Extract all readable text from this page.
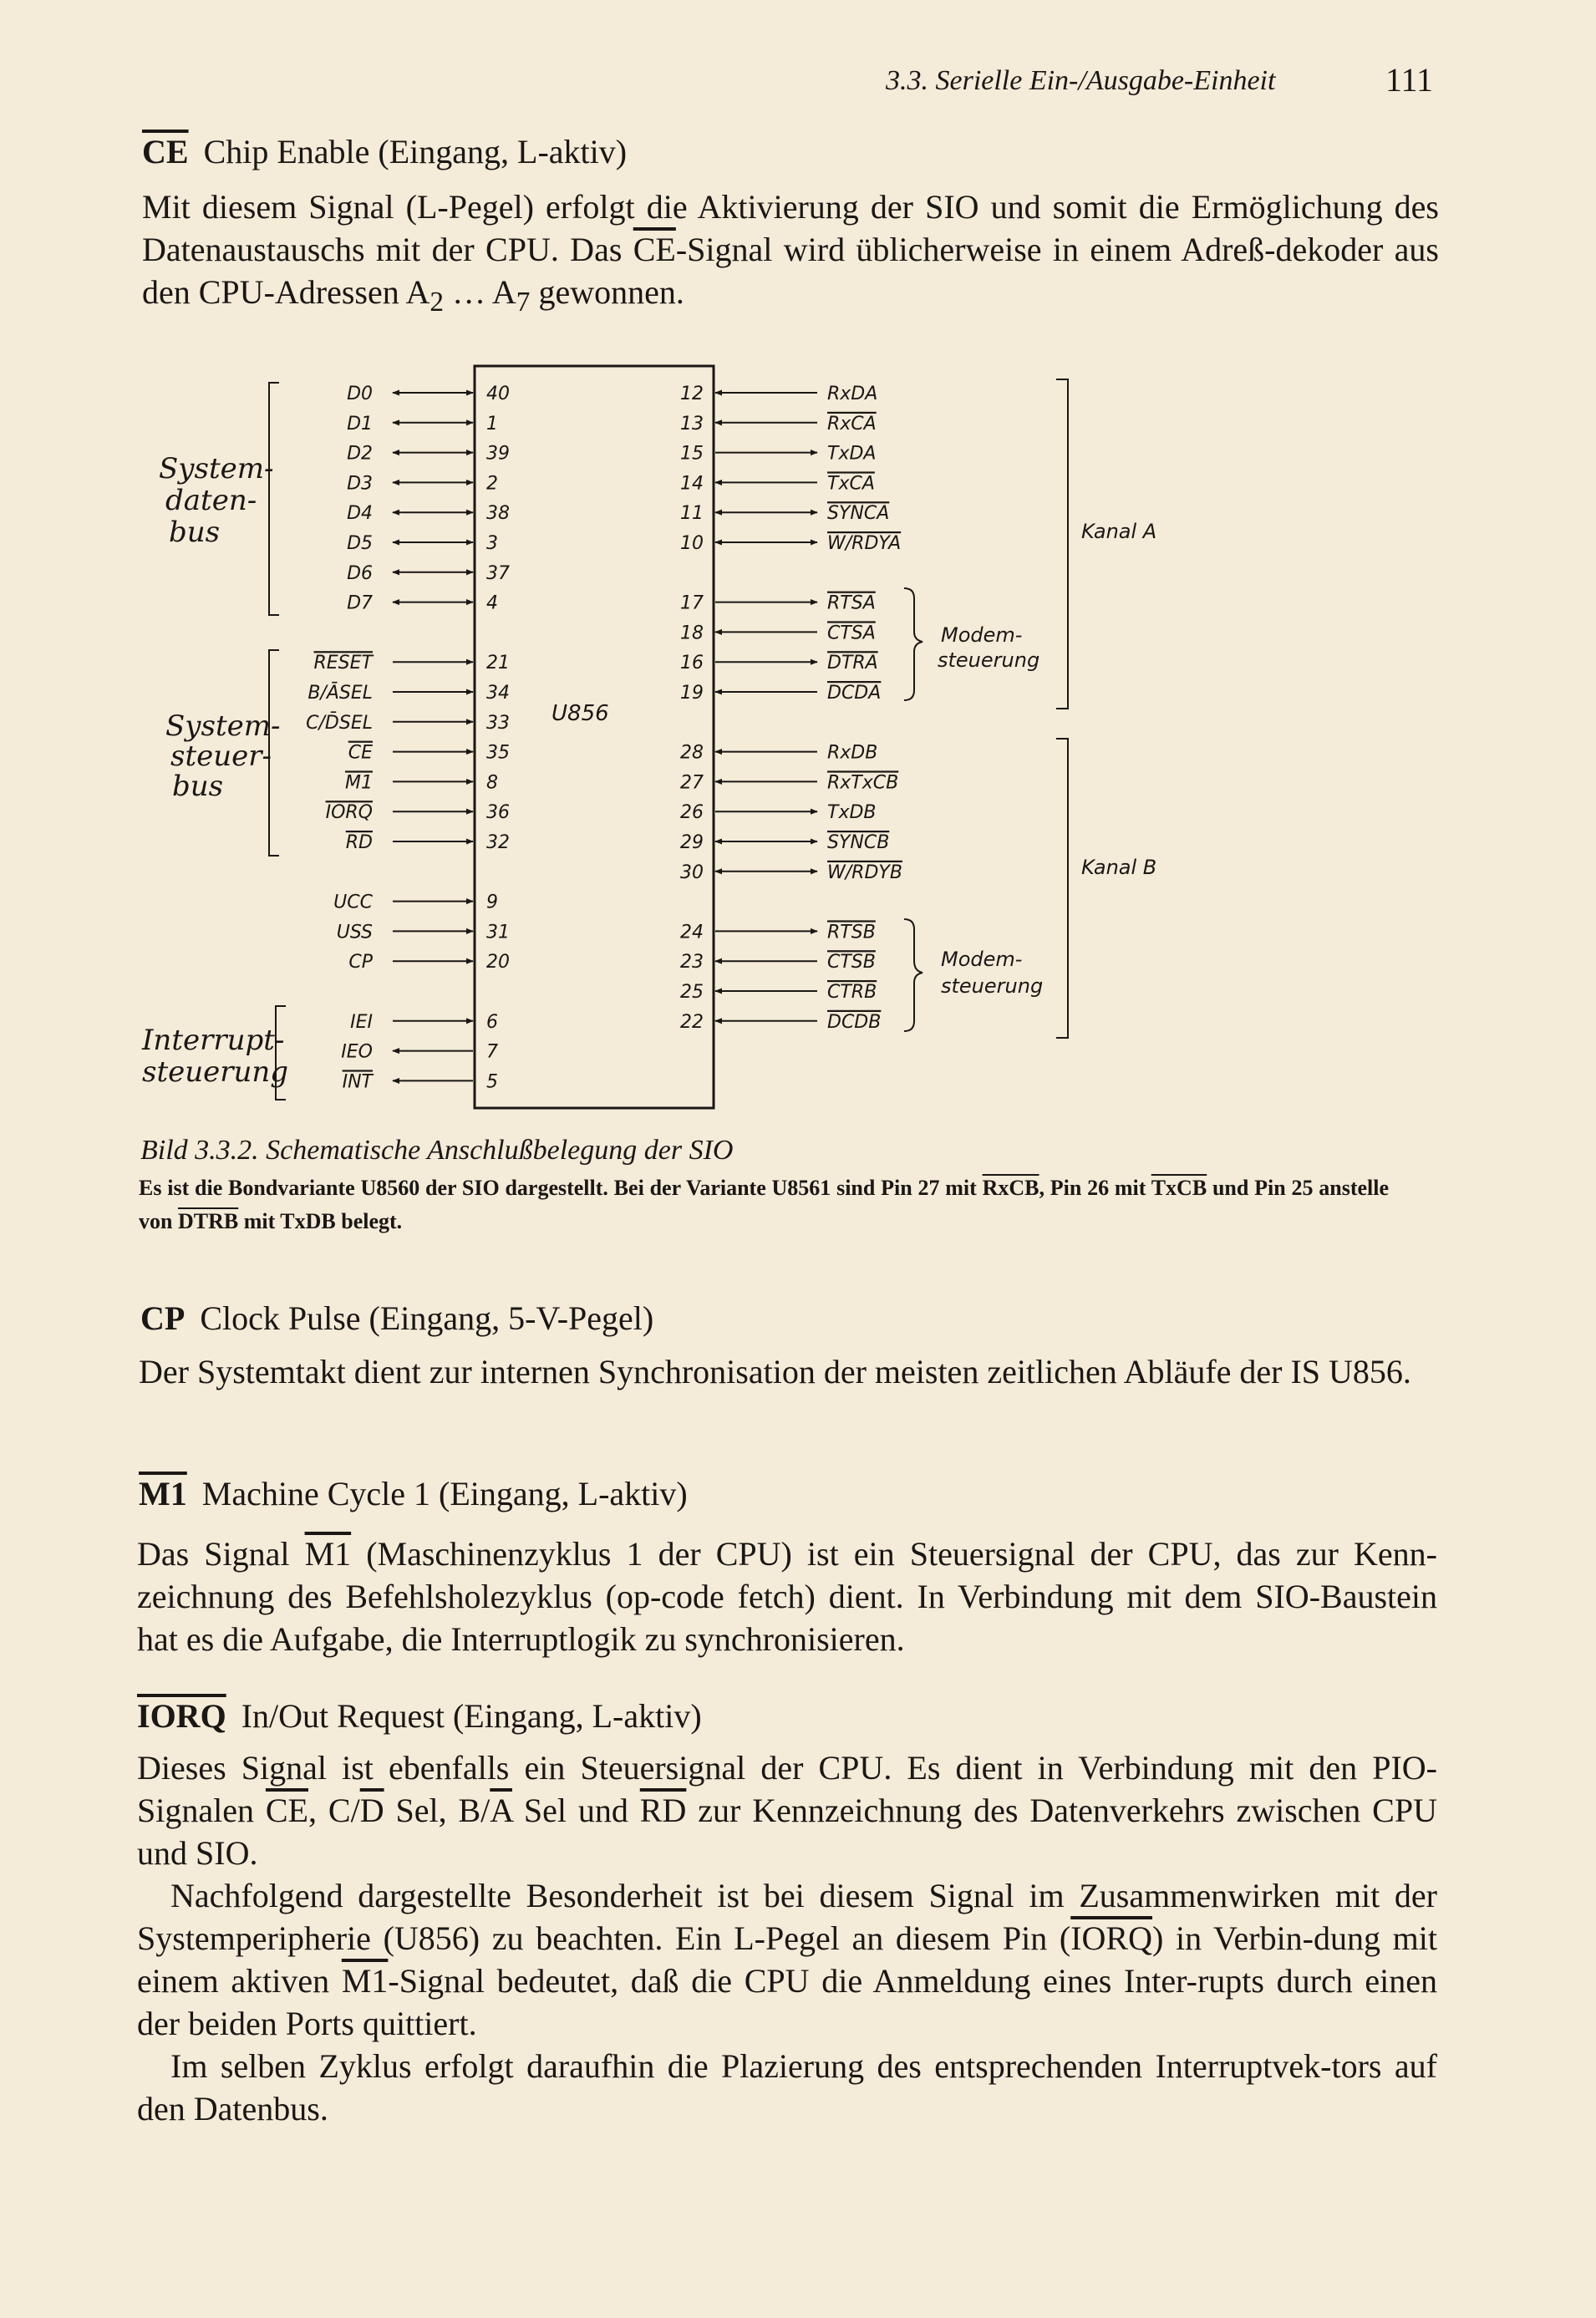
3.3. Serielle Ein-/Ausgabe-Einheit	111
$\overline{CE}$ Chip Enable (Eingang, L-aktiv)

Mit diesem Signal (L-Pegel) erfolgt die Aktivierung der SIO und somit die Ermöglichung des Datenaustauschs mit der CPU. Das $\overline{CE}$-Signal wird üblicherweise in einem Adreß-dekoder aus den CPU-Adressen $A_2$ … $A_7$ gewonnen.

U856
D0	40
D1	1
D2	39
D3	2
D4	38
D5	3
D6	37
D7	4
RESET	21
B/ĀSEL	34
C/D̄SEL	33
CE	35
M1	8
IORQ	36
RD	32
UCC	9
USS	31
CP	20
IEI	6
IEO	7
INT	5
12	RxDA
13	RxCA
15	TxDA
14	TxCA
11	SYNCA
10	W/RDYA
17	RTSA
18	CTSA
16	DTRA
19	DCDA
28	RxDB
27	RxTxCB
26	TxDB
29	SYNCB
30	W/RDYB
24	RTSB
23	CTSB
25	CTRB
22	DCDB
System-
daten-
bus
System-
steuer-
bus
Interrupt-
steuerung
Kanal A
Kanal B
Modem-
steuerung
Modem-
steuerung
Bild 3.3.2. Schematische Anschlußbelegung der SIO
Es ist die Bondvariante U8560 der SIO dargestellt. Bei der Variante U8561 sind Pin 27 mit RxCB, Pin 26 mit TxCB und Pin 25 anstelle von DTRB mit TxDB belegt.
CP Clock Pulse (Eingang, 5-V-Pegel)

Der Systemtakt dient zur internen Synchronisation der meisten zeitlichen Abläufe der IS U856.

M1 Machine Cycle 1 (Eingang, L-aktiv)

Das Signal M1 (Maschinenzyklus 1 der CPU) ist ein Steuersignal der CPU, das zur Kenn-zeichnung des Befehlsholezyklus (op-code fetch) dient. In Verbindung mit dem SIO-Baustein hat es die Aufgabe, die Interruptlogik zu synchronisieren.

IORQ In/Out Request (Eingang, L-aktiv)

Dieses Signal ist ebenfalls ein Steuersignal der CPU. Es dient in Verbindung mit den PIO-Signalen $\overline{CE}$, $C/\overline{D}$ Sel, $B/\overline{A}$ Sel und $\overline{RD}$ zur Kennzeichnung des Datenverkehrs zwischen CPU und SIO.

Nachfolgend dargestellte Besonderheit ist bei diesem Signal im Zusammenwirken mit der Systemperipherie (U856) zu beachten. Ein L-Pegel an diesem Pin (IORQ) in Verbin-dung mit einem aktiven M1-Signal bedeutet, daß die CPU die Anmeldung eines Inter-rupts durch einen der beiden Ports quittiert.

Im selben Zyklus erfolgt daraufhin die Plazierung des entsprechenden Interruptvek-tors auf den Datenbus.
